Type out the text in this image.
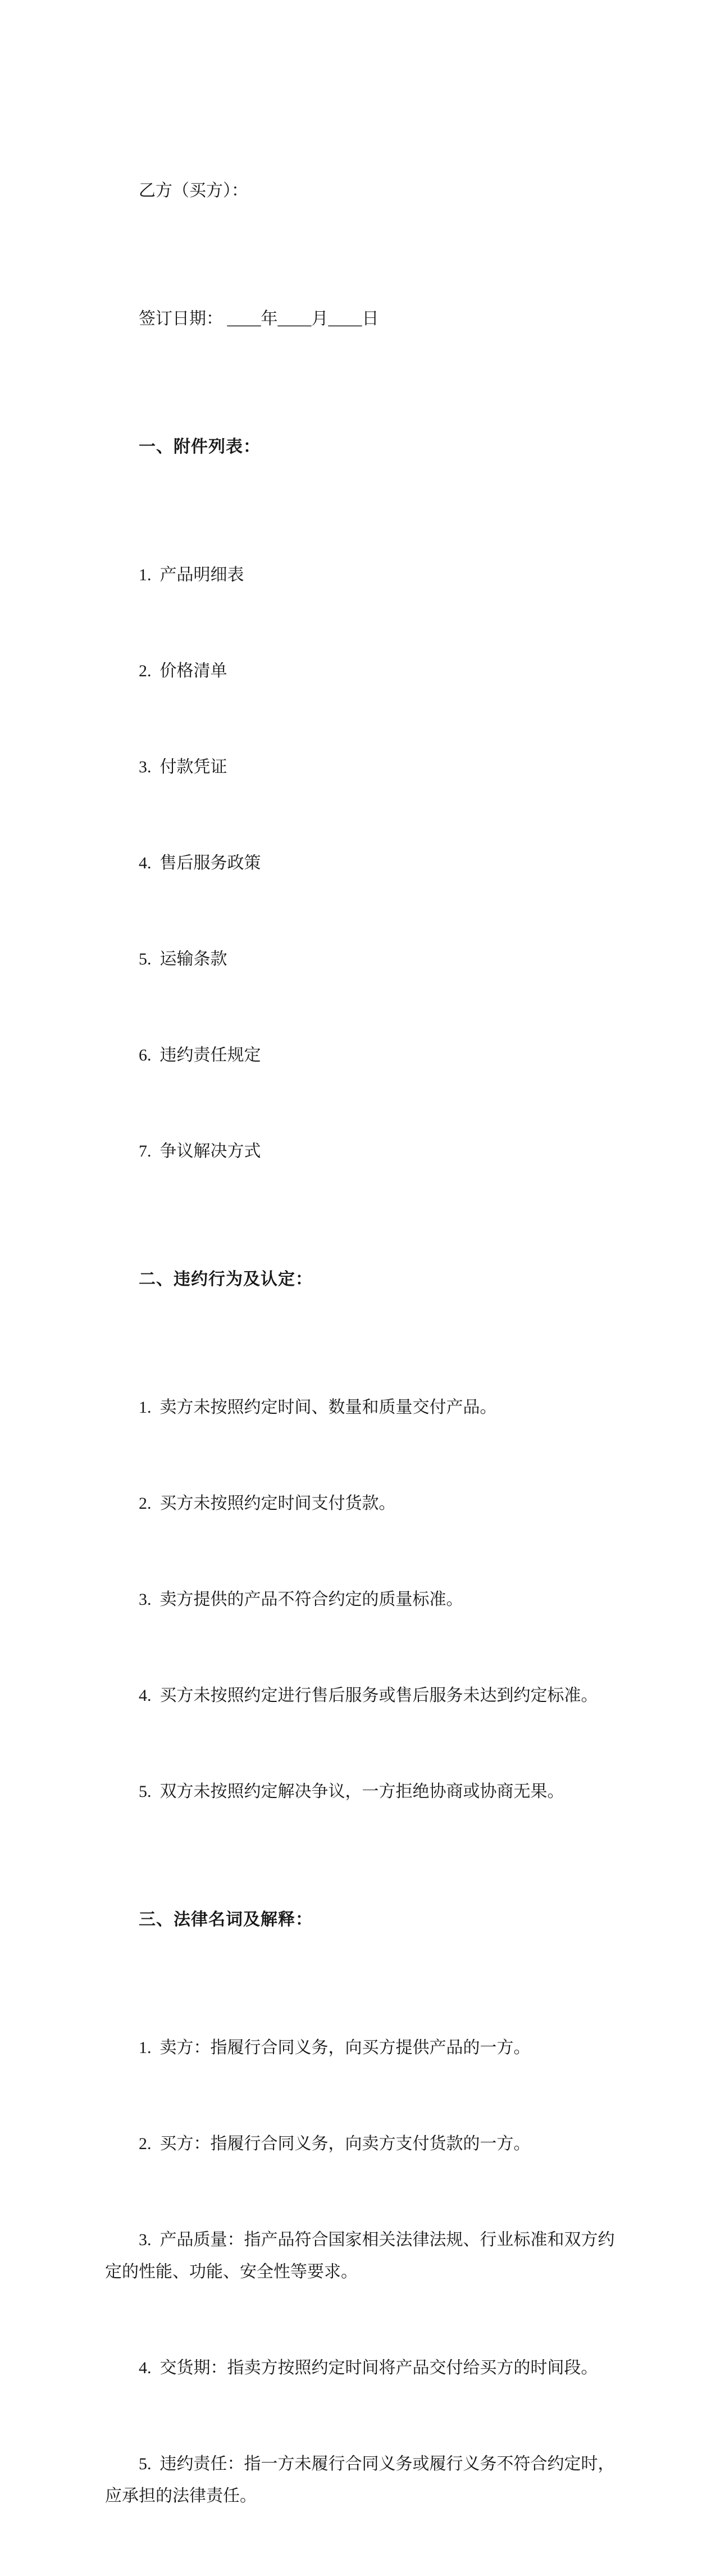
乙方（买方）：

签订日期： ____年____月____日

一、附件列表：

1.  产品明细表

2.  价格清单

3.  付款凭证

4.  售后服务政策

5.  运输条款

6.  违约责任规定

7.  争议解决方式

二、违约行为及认定：

1.  卖方未按照约定时间、数量和质量交付产品。

2.  买方未按照约定时间支付货款。

3.  卖方提供的产品不符合约定的质量标准。

4.  买方未按照约定进行售后服务或售后服务未达到约定标准。

5.  双方未按照约定解决争议，一方拒绝协商或协商无果。

三、法律名词及解释：

1.  卖方：指履行合同义务，向买方提供产品的一方。

2.  买方：指履行合同义务，向卖方支付货款的一方。

3.  产品质量：指产品符合国家相关法律法规、行业标准和双方约定的性能、功能、安全性等要求。

4.  交货期：指卖方按照约定时间将产品交付给买方的时间段。

5.  违约责任：指一方未履行合同义务或履行义务不符合约定时，应承担的法律责任。
